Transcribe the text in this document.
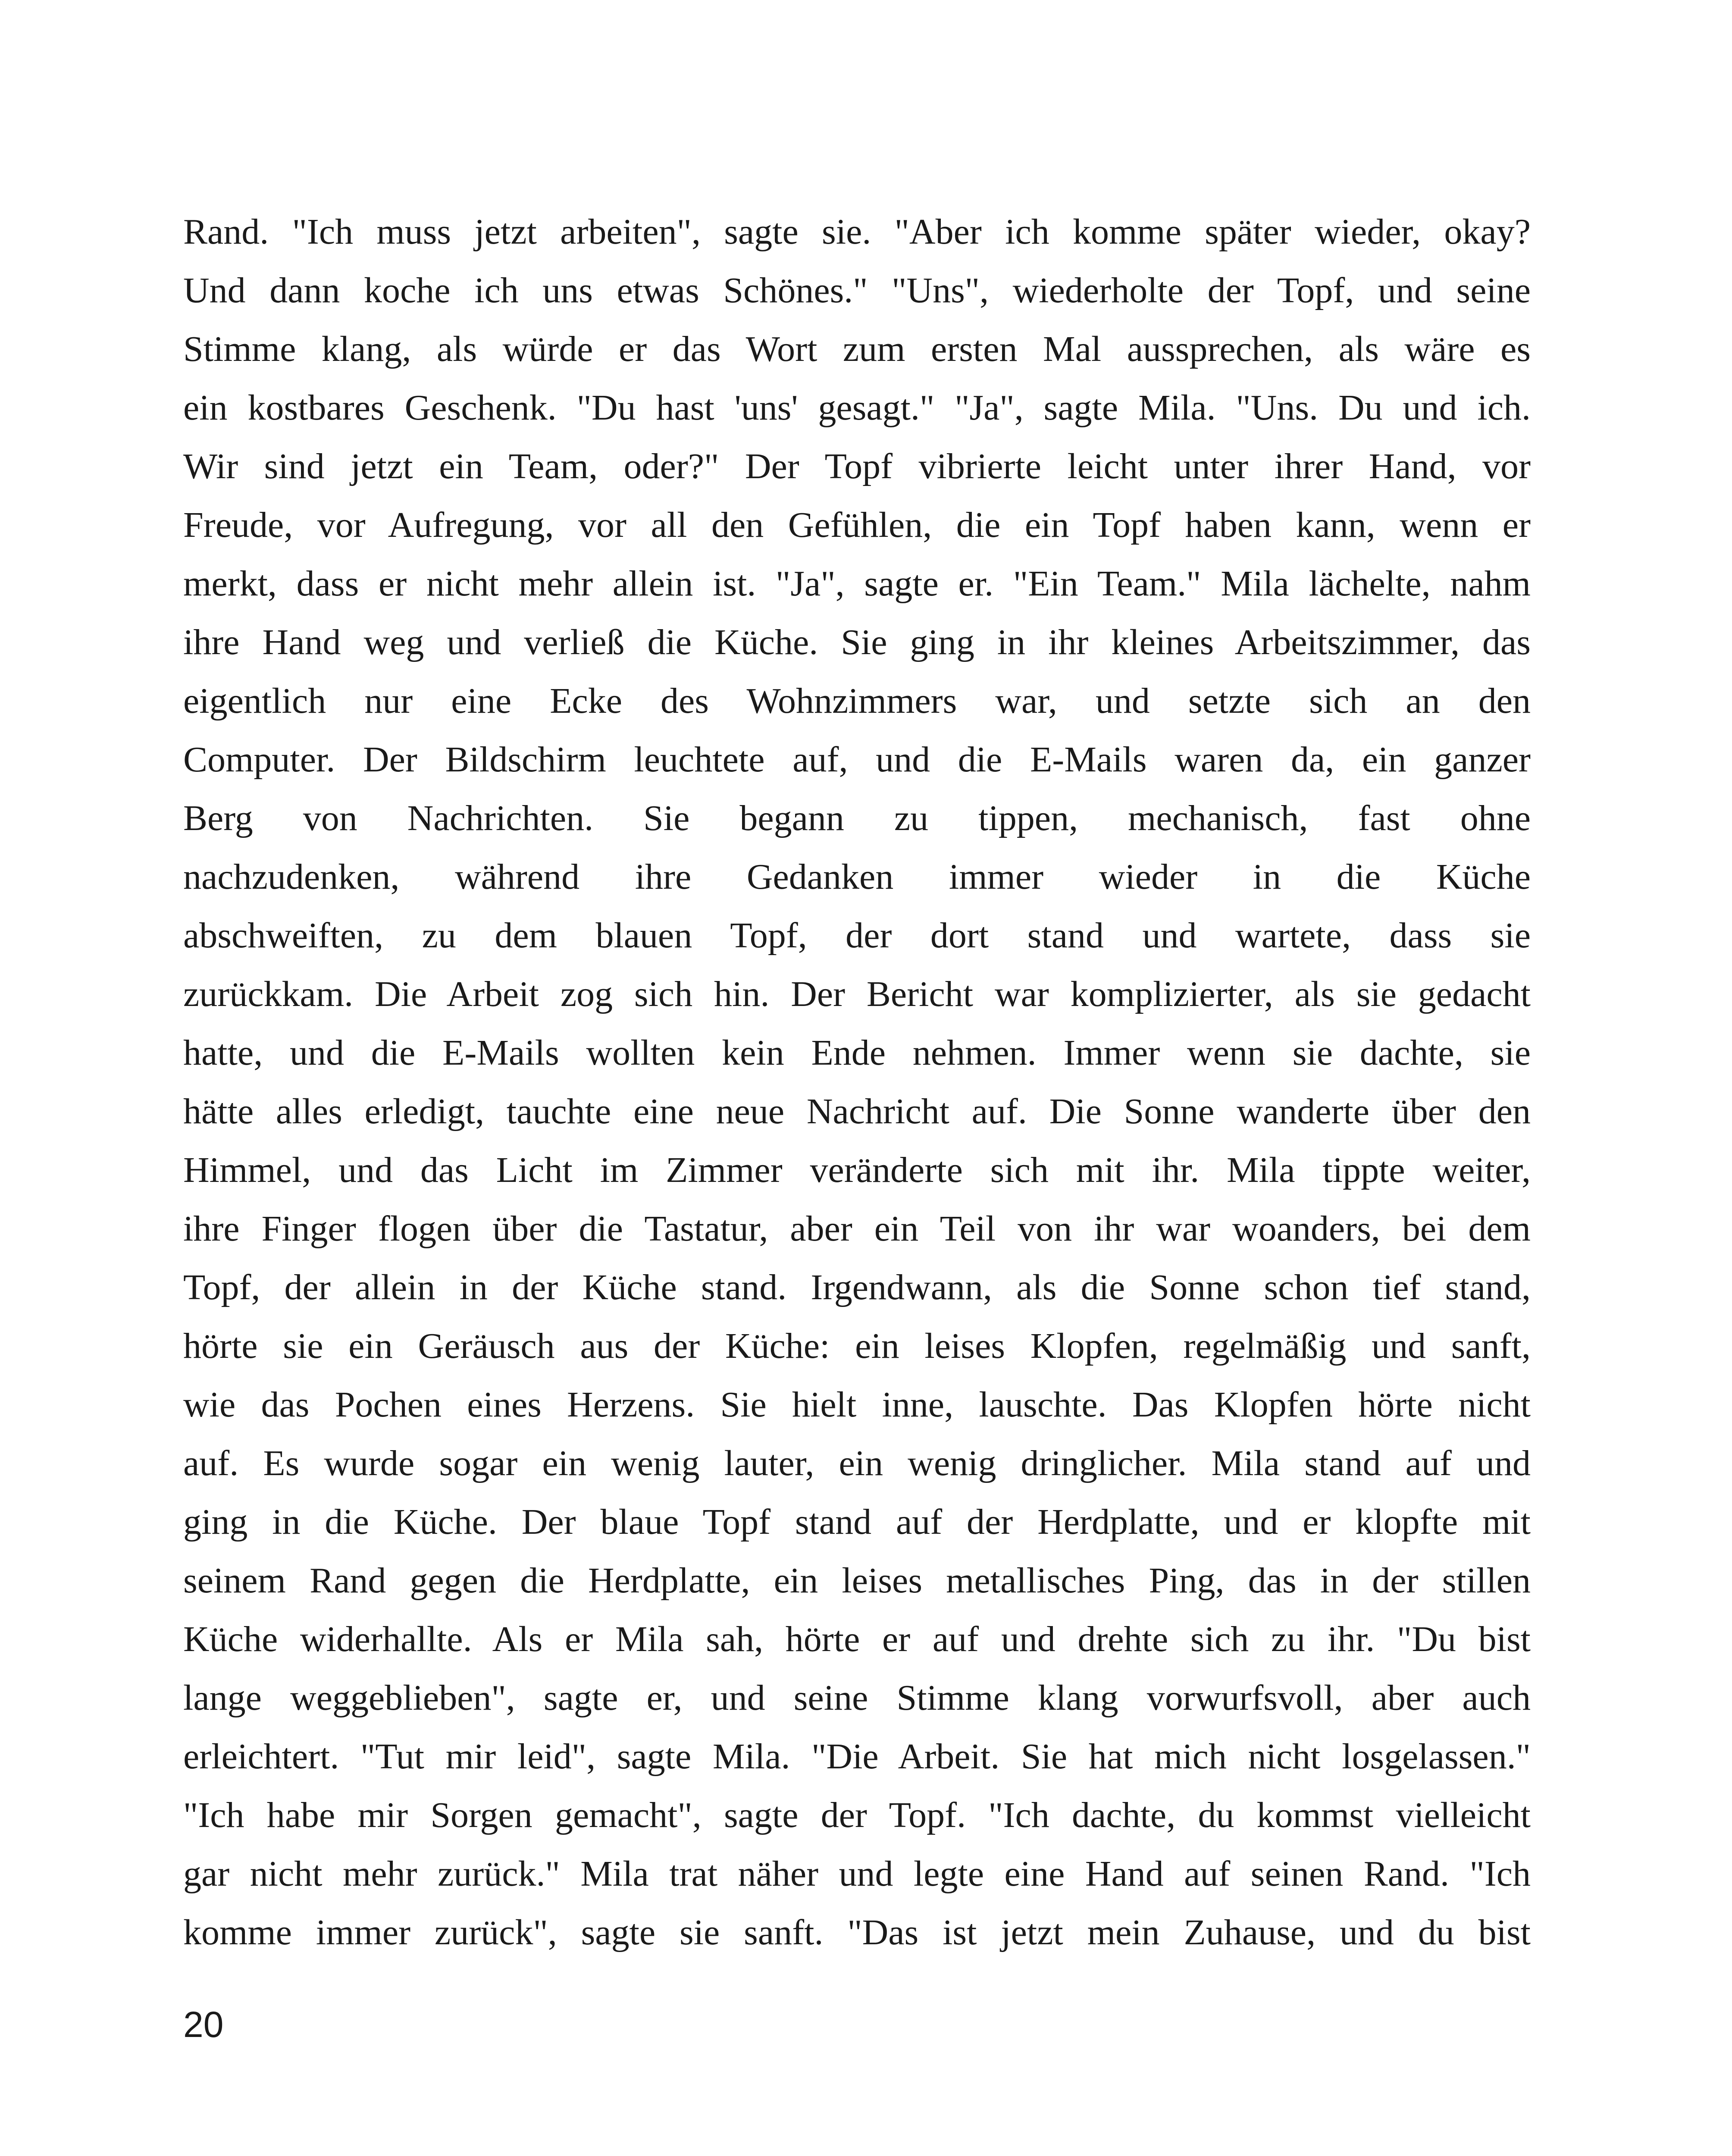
Rand. "Ich muss jetzt arbeiten", sagte sie. "Aber ich komme später wieder, okay?
Und dann koche ich uns etwas Schönes." "Uns", wiederholte der Topf, und seine
Stimme klang, als würde er das Wort zum ersten Mal aussprechen, als wäre es
ein kostbares Geschenk. "Du hast 'uns' gesagt." "Ja", sagte Mila. "Uns. Du und ich.
Wir sind jetzt ein Team, oder?" Der Topf vibrierte leicht unter ihrer Hand, vor
Freude, vor Aufregung, vor all den Gefühlen, die ein Topf haben kann, wenn er
merkt, dass er nicht mehr allein ist. "Ja", sagte er. "Ein Team." Mila lächelte, nahm
ihre Hand weg und verließ die Küche. Sie ging in ihr kleines Arbeitszimmer, das
eigentlich nur eine Ecke des Wohnzimmers war, und setzte sich an den
Computer. Der Bildschirm leuchtete auf, und die E-Mails waren da, ein ganzer
Berg von Nachrichten. Sie begann zu tippen, mechanisch, fast ohne
nachzudenken, während ihre Gedanken immer wieder in die Küche
abschweiften, zu dem blauen Topf, der dort stand und wartete, dass sie
zurückkam. Die Arbeit zog sich hin. Der Bericht war komplizierter, als sie gedacht
hatte, und die E-Mails wollten kein Ende nehmen. Immer wenn sie dachte, sie
hätte alles erledigt, tauchte eine neue Nachricht auf. Die Sonne wanderte über den
Himmel, und das Licht im Zimmer veränderte sich mit ihr. Mila tippte weiter,
ihre Finger flogen über die Tastatur, aber ein Teil von ihr war woanders, bei dem
Topf, der allein in der Küche stand. Irgendwann, als die Sonne schon tief stand,
hörte sie ein Geräusch aus der Küche: ein leises Klopfen, regelmäßig und sanft,
wie das Pochen eines Herzens. Sie hielt inne, lauschte. Das Klopfen hörte nicht
auf. Es wurde sogar ein wenig lauter, ein wenig dringlicher. Mila stand auf und
ging in die Küche. Der blaue Topf stand auf der Herdplatte, und er klopfte mit
seinem Rand gegen die Herdplatte, ein leises metallisches Ping, das in der stillen
Küche widerhallte. Als er Mila sah, hörte er auf und drehte sich zu ihr. "Du bist
lange weggeblieben", sagte er, und seine Stimme klang vorwurfsvoll, aber auch
erleichtert. "Tut mir leid", sagte Mila. "Die Arbeit. Sie hat mich nicht losgelassen."
"Ich habe mir Sorgen gemacht", sagte der Topf. "Ich dachte, du kommst vielleicht
gar nicht mehr zurück." Mila trat näher und legte eine Hand auf seinen Rand. "Ich
komme immer zurück", sagte sie sanft. "Das ist jetzt mein Zuhause, und du bist
20
